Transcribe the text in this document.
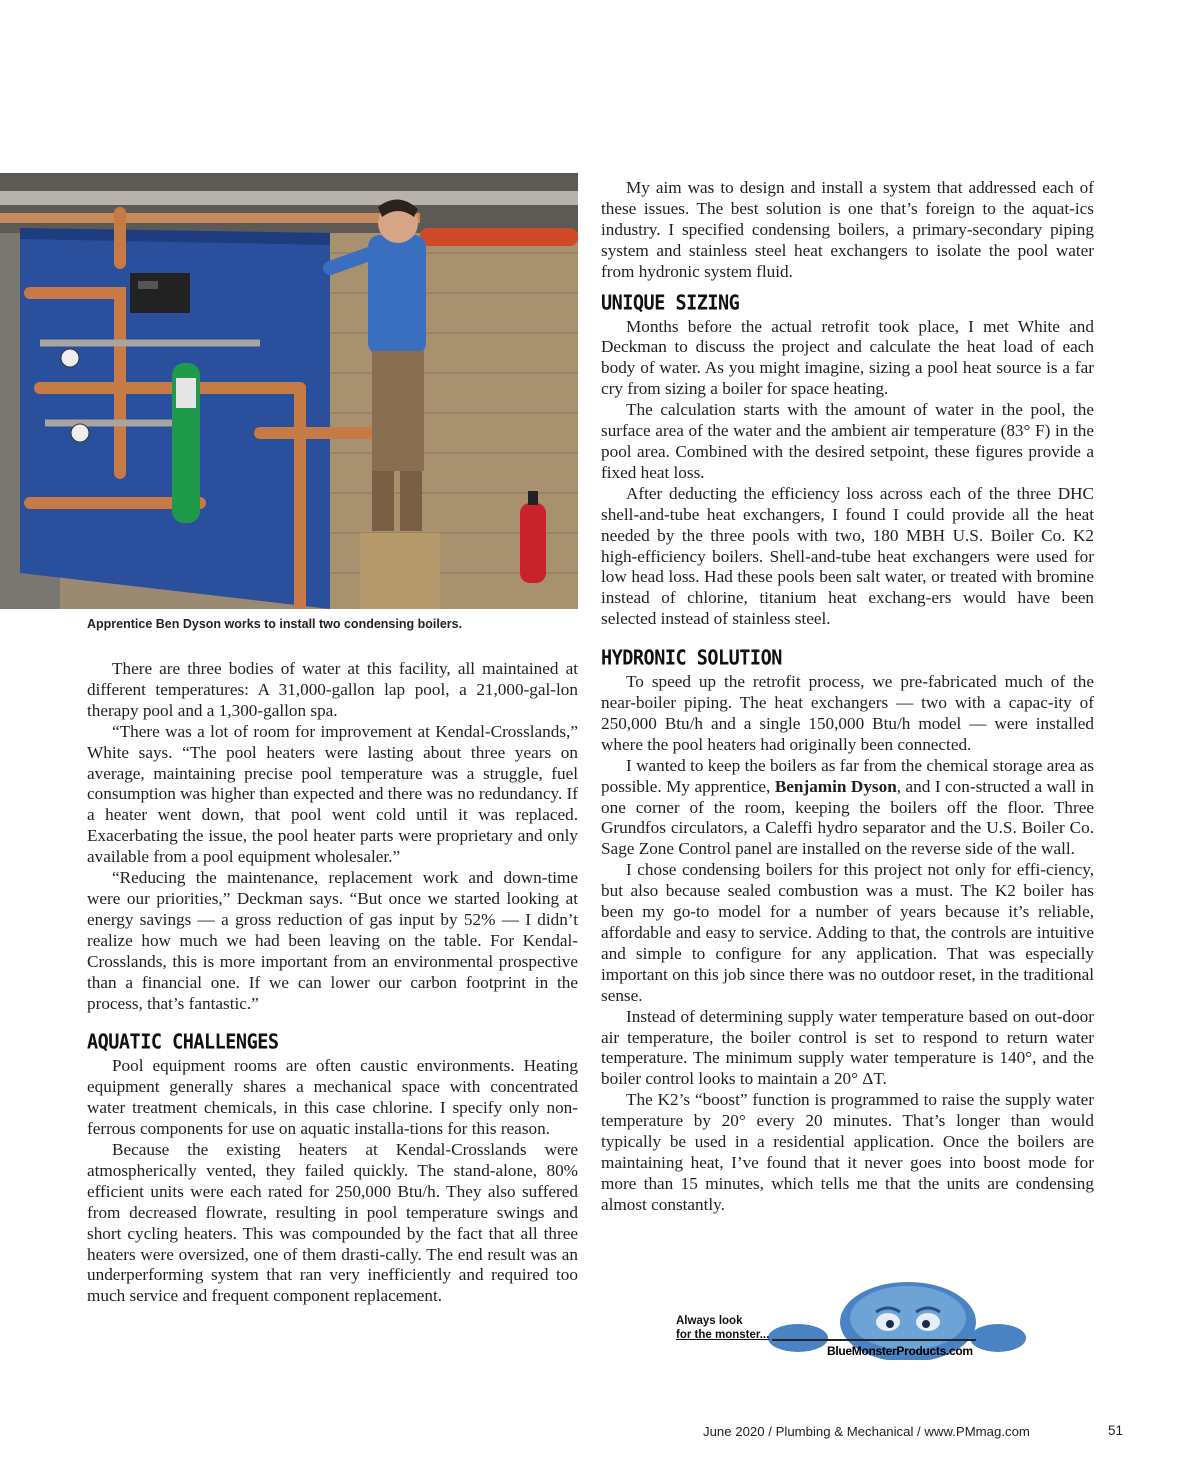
Apprentice Ben Dyson works to install two condensing boilers.

There are three bodies of water at this facility, all maintained at different temperatures: A 31,000-gallon lap pool, a 21,000-gal-lon therapy pool and a 1,300-gallon spa.

“There was a lot of room for improvement at Kendal-Crosslands,” White says. “The pool heaters were lasting about three years on average, maintaining precise pool temperature was a struggle, fuel consumption was higher than expected and there was no redundancy. If a heater went down, that pool went cold until it was replaced. Exacerbating the issue, the pool heater parts were proprietary and only available from a pool equipment wholesaler.”

“Reducing the maintenance, replacement work and down-time were our priorities,” Deckman says. “But once we started looking at energy savings — a gross reduction of gas input by 52% — I didn’t realize how much we had been leaving on the table. For Kendal-Crosslands, this is more important from an environmental prospective than a financial one. If we can lower our carbon footprint in the process, that’s fantastic.”

AQUATIC CHALLENGES

Pool equipment rooms are often caustic environments. Heating equipment generally shares a mechanical space with concentrated water treatment chemicals, in this case chlorine. I specify only non-ferrous components for use on aquatic installa-tions for this reason.

Because the existing heaters at Kendal-Crosslands were atmospherically vented, they failed quickly. The stand-alone, 80% efficient units were each rated for 250,000 Btu/h. They also suffered from decreased flowrate, resulting in pool temperature swings and short cycling heaters. This was compounded by the fact that all three heaters were oversized, one of them drasti-cally. The end result was an underperforming system that ran very inefficiently and required too much service and frequent component replacement.

My aim was to design and install a system that addressed each of these issues. The best solution is one that’s foreign to the aquat-ics industry. I specified condensing boilers, a primary-secondary piping system and stainless steel heat exchangers to isolate the pool water from hydronic system fluid.

UNIQUE SIZING

Months before the actual retrofit took place, I met White and Deckman to discuss the project and calculate the heat load of each body of water. As you might imagine, sizing a pool heat source is a far cry from sizing a boiler for space heating.

The calculation starts with the amount of water in the pool, the surface area of the water and the ambient air temperature (83° F) in the pool area. Combined with the desired setpoint, these figures provide a fixed heat loss.

After deducting the efficiency loss across each of the three DHC shell-and-tube heat exchangers, I found I could provide all the heat needed by the three pools with two, 180 MBH U.S. Boiler Co. K2 high-efficiency boilers. Shell-and-tube heat exchangers were used for low head loss. Had these pools been salt water, or treated with bromine instead of chlorine, titanium heat exchang-ers would have been selected instead of stainless steel.

HYDRONIC SOLUTION

To speed up the retrofit process, we pre-fabricated much of the near-boiler piping. The heat exchangers — two with a capac-ity of 250,000 Btu/h and a single 150,000 Btu/h model — were installed where the pool heaters had originally been connected.

I wanted to keep the boilers as far from the chemical storage area as possible. My apprentice, Benjamin Dyson, and I con-structed a wall in one corner of the room, keeping the boilers off the floor. Three Grundfos circulators, a Caleffi hydro separator and the U.S. Boiler Co. Sage Zone Control panel are installed on the reverse side of the wall.

I chose condensing boilers for this project not only for effi-ciency, but also because sealed combustion was a must. The K2 boiler has been my go-to model for a number of years because it’s reliable, affordable and easy to service. Adding to that, the controls are intuitive and simple to configure for any application. That was especially important on this job since there was no outdoor reset, in the traditional sense.

Instead of determining supply water temperature based on out-door air temperature, the boiler control is set to respond to return water temperature. The minimum supply water temperature is 140°, and the boiler control looks to maintain a 20° ΔT.

The K2’s “boost” function is programmed to raise the supply water temperature by 20° every 20 minutes. That’s longer than would typically be used in a residential application. Once the boilers are maintaining heat, I’ve found that it never goes into boost mode for more than 15 minutes, which tells me that the units are condensing almost constantly.

Always look
for the monster...
BlueMonsterProducts.com
June 2020 / Plumbing & Mechanical / www.PMmag.com	51
